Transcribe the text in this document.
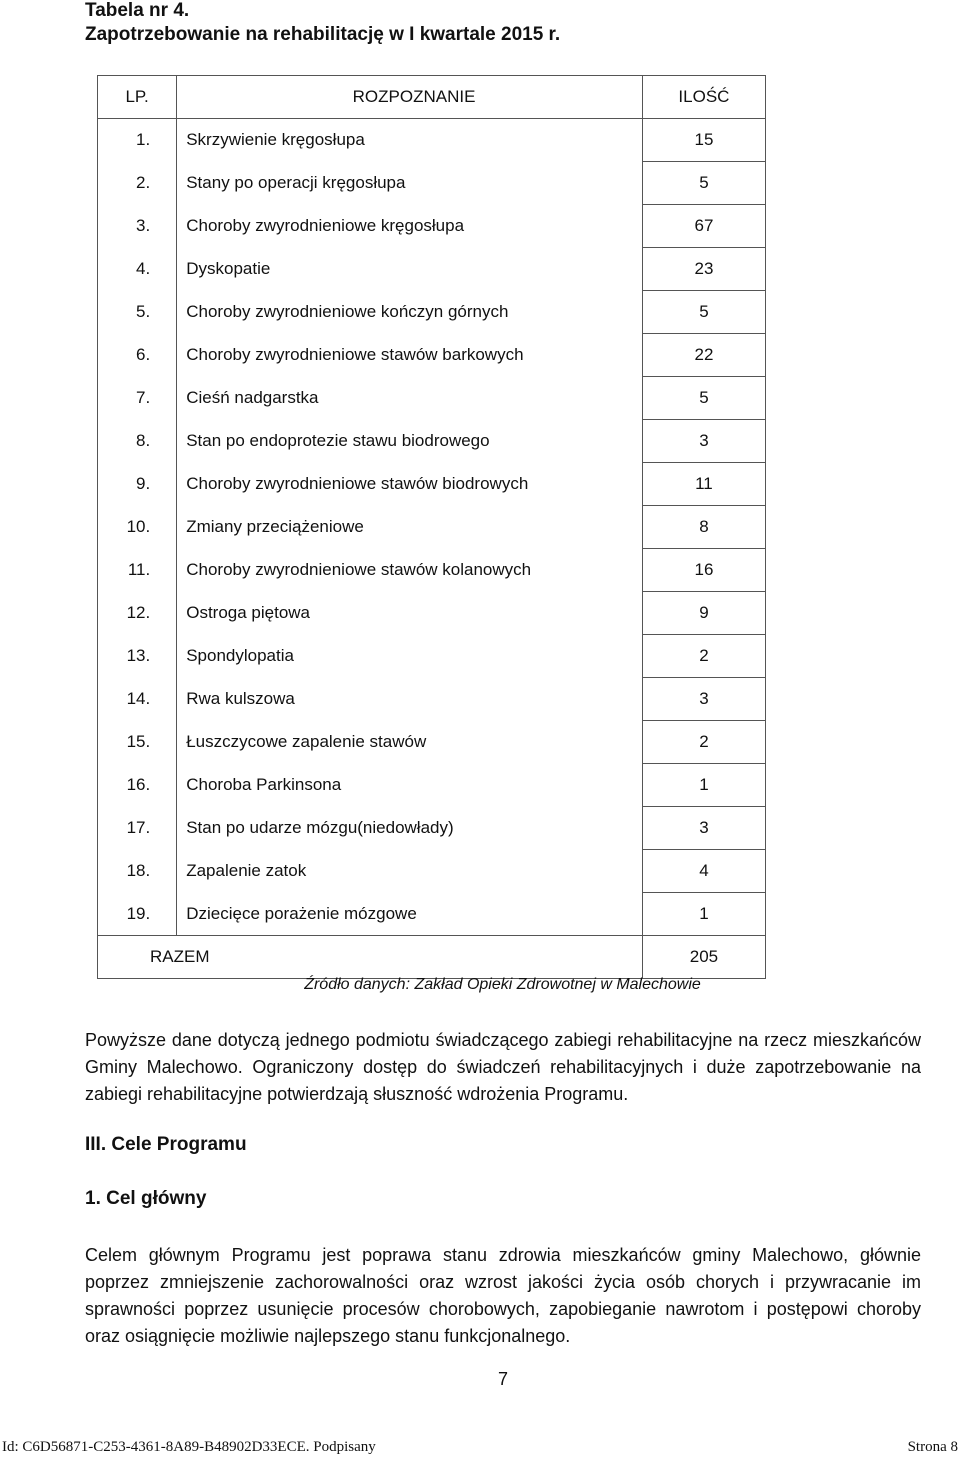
Tabela nr 4.
Zapotrzebowanie na rehabilitację w I kwartale 2015 r.
LP.	ROZPOZNANIE	ILOŚĆ
1.	Skrzywienie kręgosłupa	15
2.	Stany po operacji kręgosłupa	5
3.	Choroby zwyrodnieniowe kręgosłupa	67
4.	Dyskopatie	23
5.	Choroby zwyrodnieniowe kończyn górnych	5
6.	Choroby zwyrodnieniowe stawów barkowych	22
7.	Cieśń nadgarstka	5
8.	Stan po endoprotezie stawu biodrowego	3
9.	Choroby zwyrodnieniowe stawów biodrowych	11
10.	Zmiany przeciążeniowe	8
11.	Choroby zwyrodnieniowe stawów kolanowych	16
12.	Ostroga piętowa	9
13.	Spondylopatia	2
14.	Rwa kulszowa	3
15.	Łuszczycowe zapalenie stawów	2
16.	Choroba Parkinsona	1
17.	Stan po udarze mózgu(niedowłady)	3
18.	Zapalenie zatok	4
19.	Dziecięce porażenie mózgowe	1
RAZEM		205
Źródło danych: Zakład Opieki Zdrowotnej w Malechowie
Powyższe dane dotyczą jednego podmiotu świadczącego zabiegi rehabilitacyjne na rzecz mieszkańców Gminy Malechowo. Ograniczony dostęp do świadczeń rehabilitacyjnych i duże zapotrzebowanie na zabiegi rehabilitacyjne potwierdzają słuszność wdrożenia Programu.
III. Cele Programu
1. Cel główny
Celem głównym Programu jest poprawa stanu zdrowia mieszkańców gminy Malechowo, głównie poprzez zmniejszenie zachorowalności oraz wzrost jakości życia osób chorych i przywracanie im sprawności poprzez usunięcie procesów chorobowych, zapobieganie nawrotom i postępowi choroby oraz osiągnięcie możliwie najlepszego stanu funkcjonalnego.
7
Id: C6D56871-C253-4361-8A89-B48902D33ECE. Podpisany	Strona 8
